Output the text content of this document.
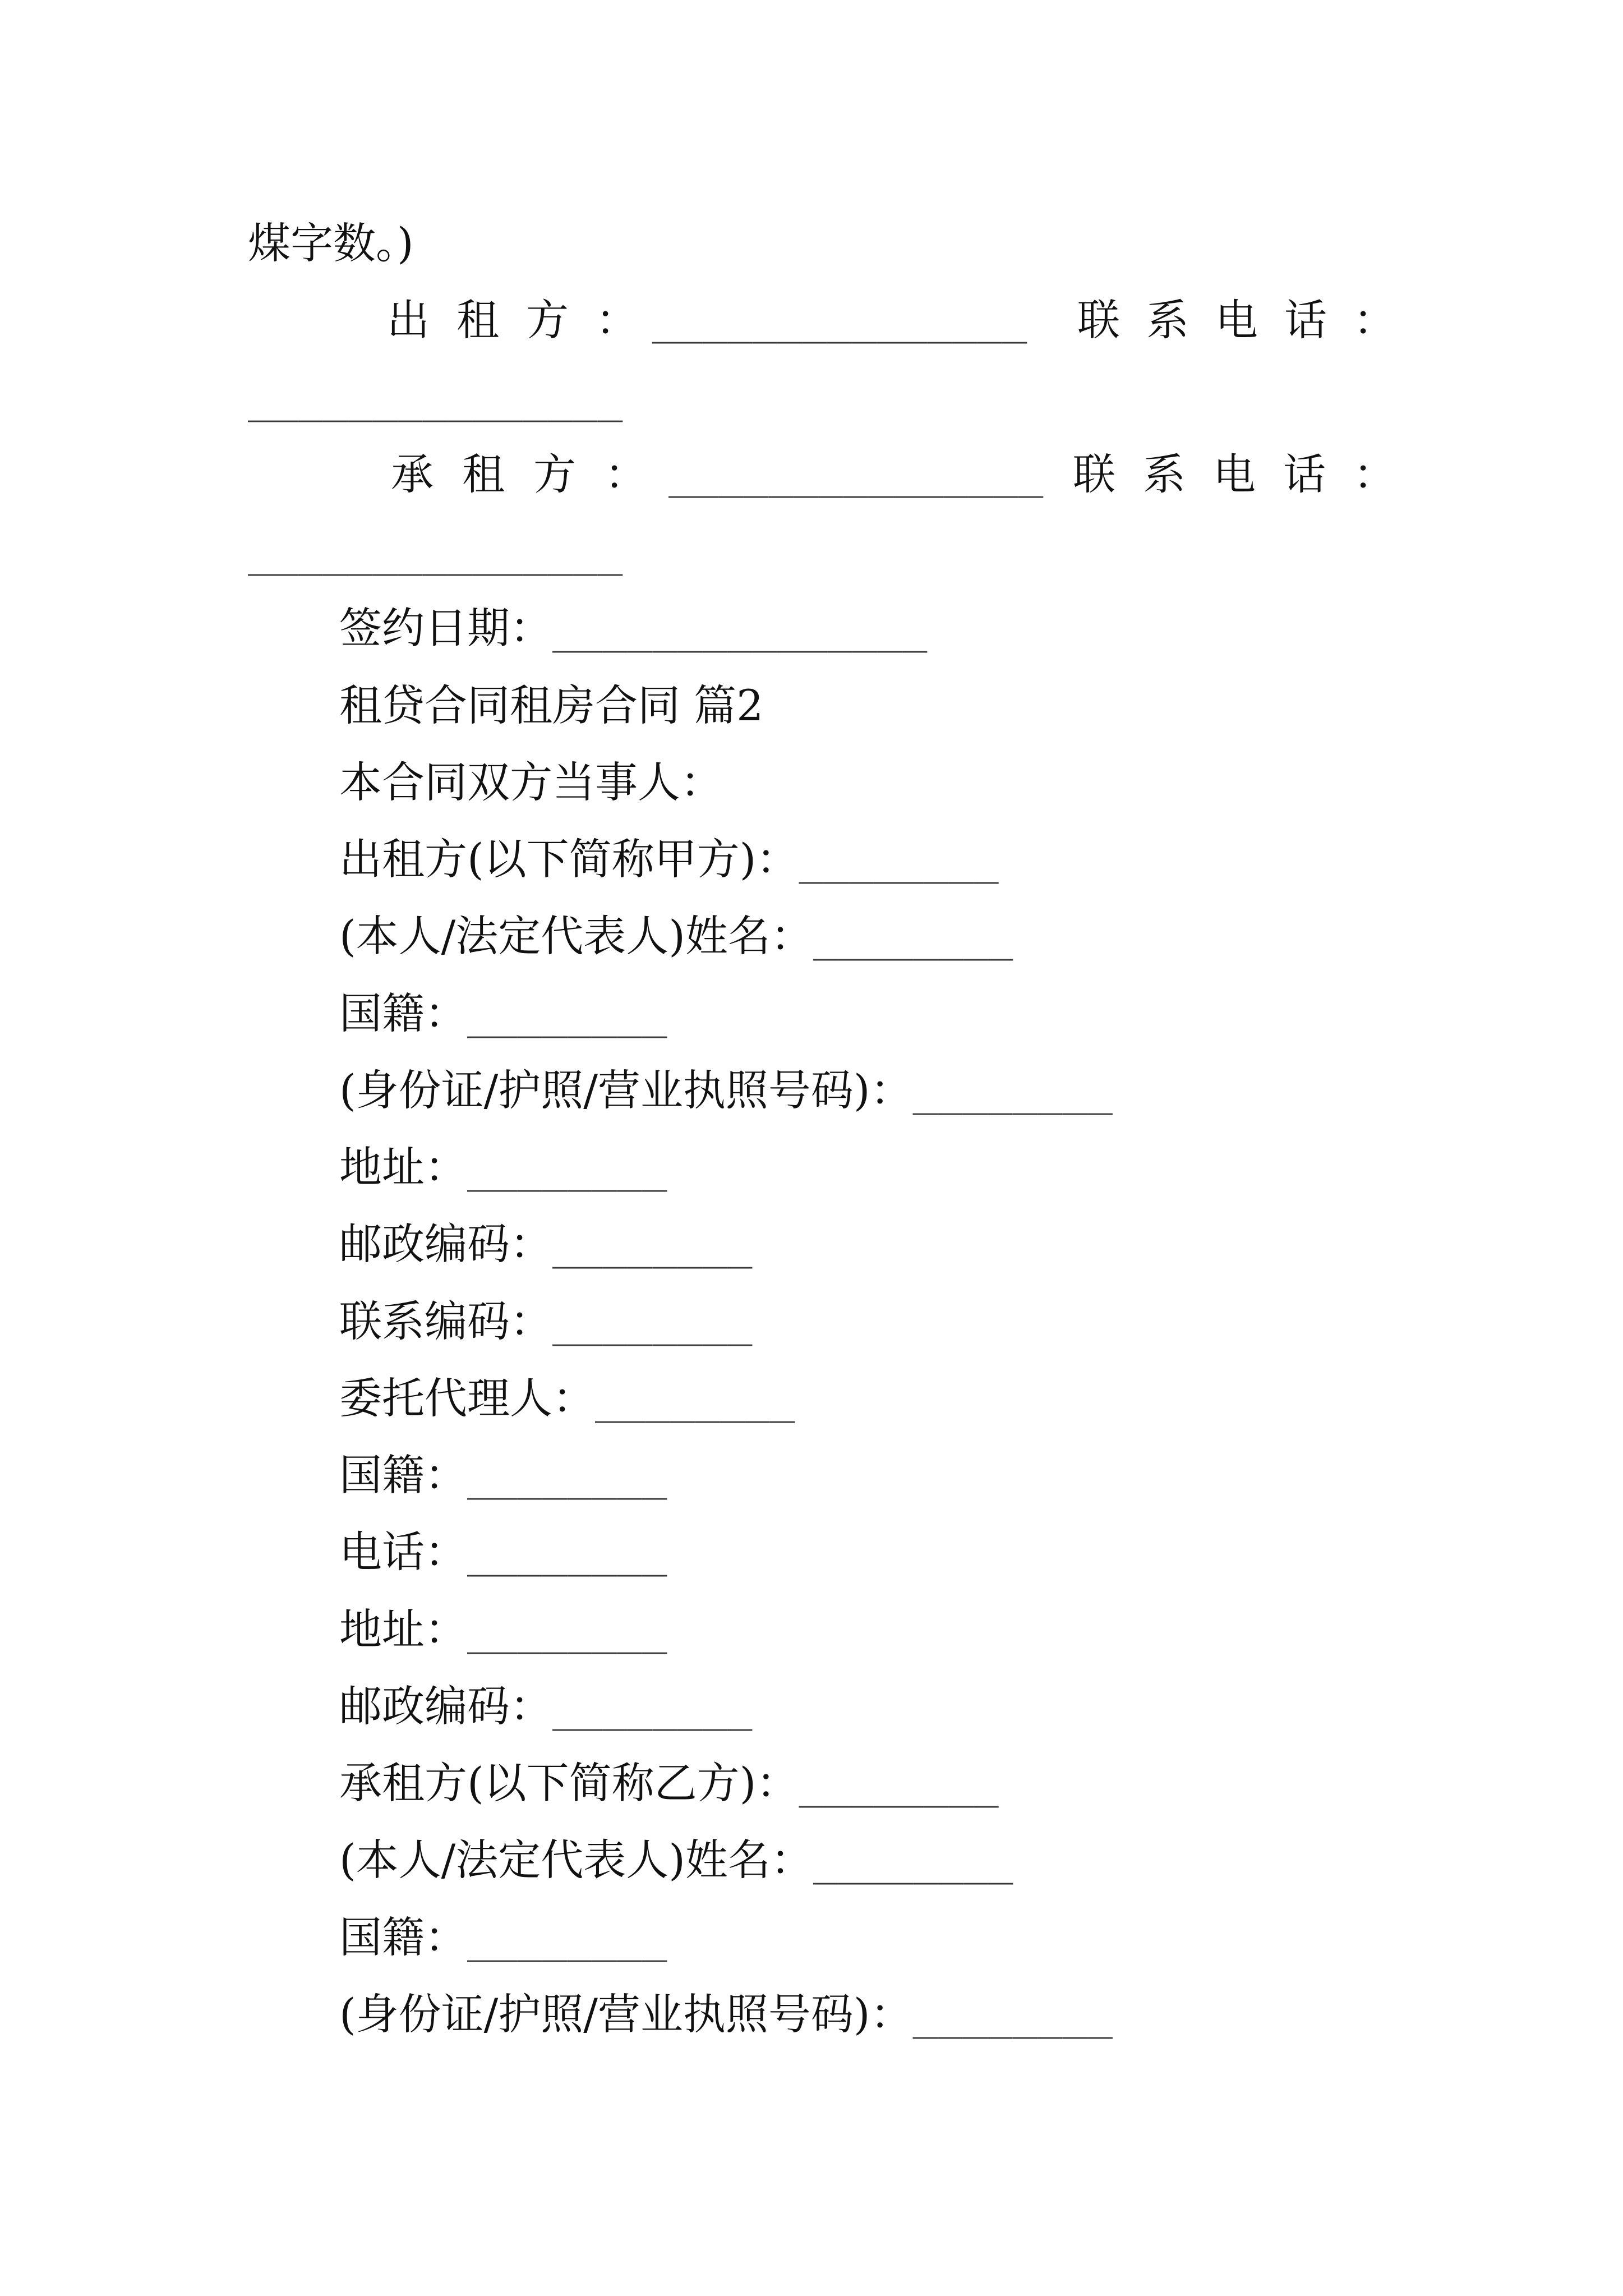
煤字数。)
出租方：
_______________ 联系电话：
_______________
承租方：
_______________ 联系电话：
_______________
签约日期：_______________
租贷合同租房合同 篇2
本合同双方当事人：
出租方(以下简称甲方)：________
(本人/法定代表人)姓名：________
国籍：________
(身份证/护照/营业执照号码)：________
地址：________
邮政编码：________
联系编码：________
委托代理人：________
国籍：________
电话：________
地址：________
邮政编码：________
承租方(以下简称乙方)：________
(本人/法定代表人)姓名：________
国籍：________
(身份证/护照/营业执照号码)：________
